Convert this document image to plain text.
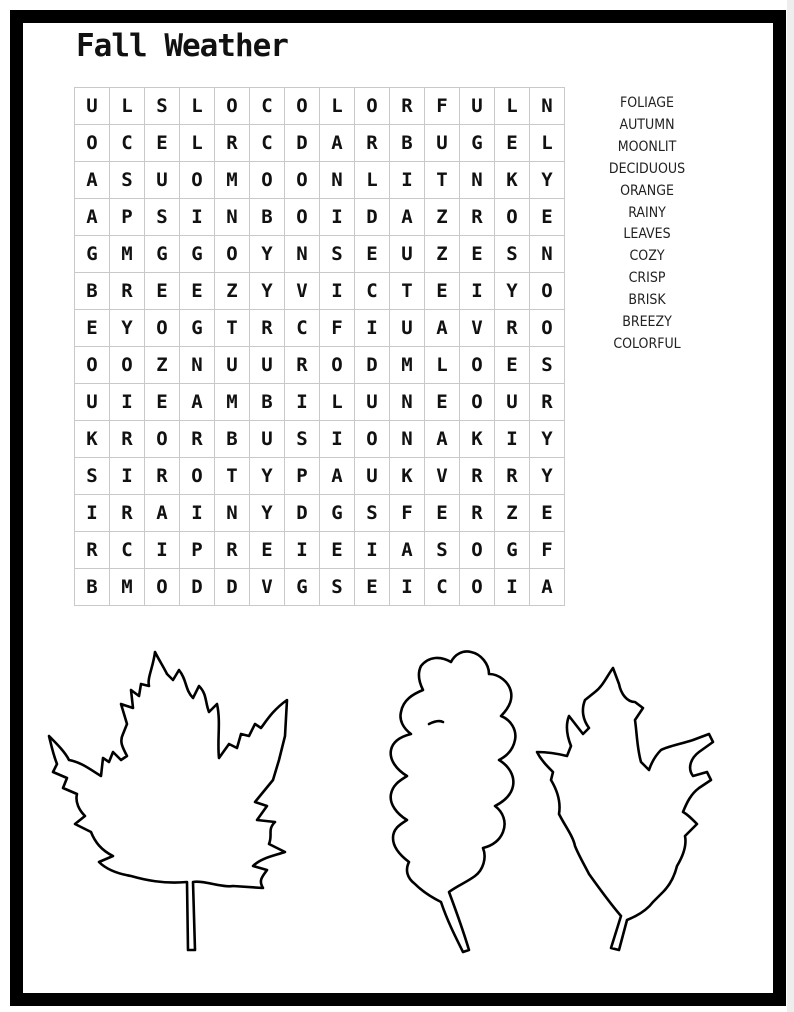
Fall Weather
U	L	S	L	O	C	O	L	O	R	F	U	L	N
O	C	E	L	R	C	D	A	R	B	U	G	E	L
A	S	U	O	M	O	O	N	L	I	T	N	K	Y
A	P	S	I	N	B	O	I	D	A	Z	R	O	E
G	M	G	G	O	Y	N	S	E	U	Z	E	S	N
B	R	E	E	Z	Y	V	I	C	T	E	I	Y	O
E	Y	O	G	T	R	C	F	I	U	A	V	R	O
O	O	Z	N	U	U	R	O	D	M	L	O	E	S
U	I	E	A	M	B	I	L	U	N	E	O	U	R
K	R	O	R	B	U	S	I	O	N	A	K	I	Y
S	I	R	O	T	Y	P	A	U	K	V	R	R	Y
I	R	A	I	N	Y	D	G	S	F	E	R	Z	E
R	C	I	P	R	E	I	E	I	A	S	O	G	F
B	M	O	D	D	V	G	S	E	I	C	O	I	A
FOLIAGE
AUTUMN
MOONLIT
DECIDUOUS
ORANGE
RAINY
LEAVES
COZY
CRISP
BRISK
BREEZY
COLORFUL
